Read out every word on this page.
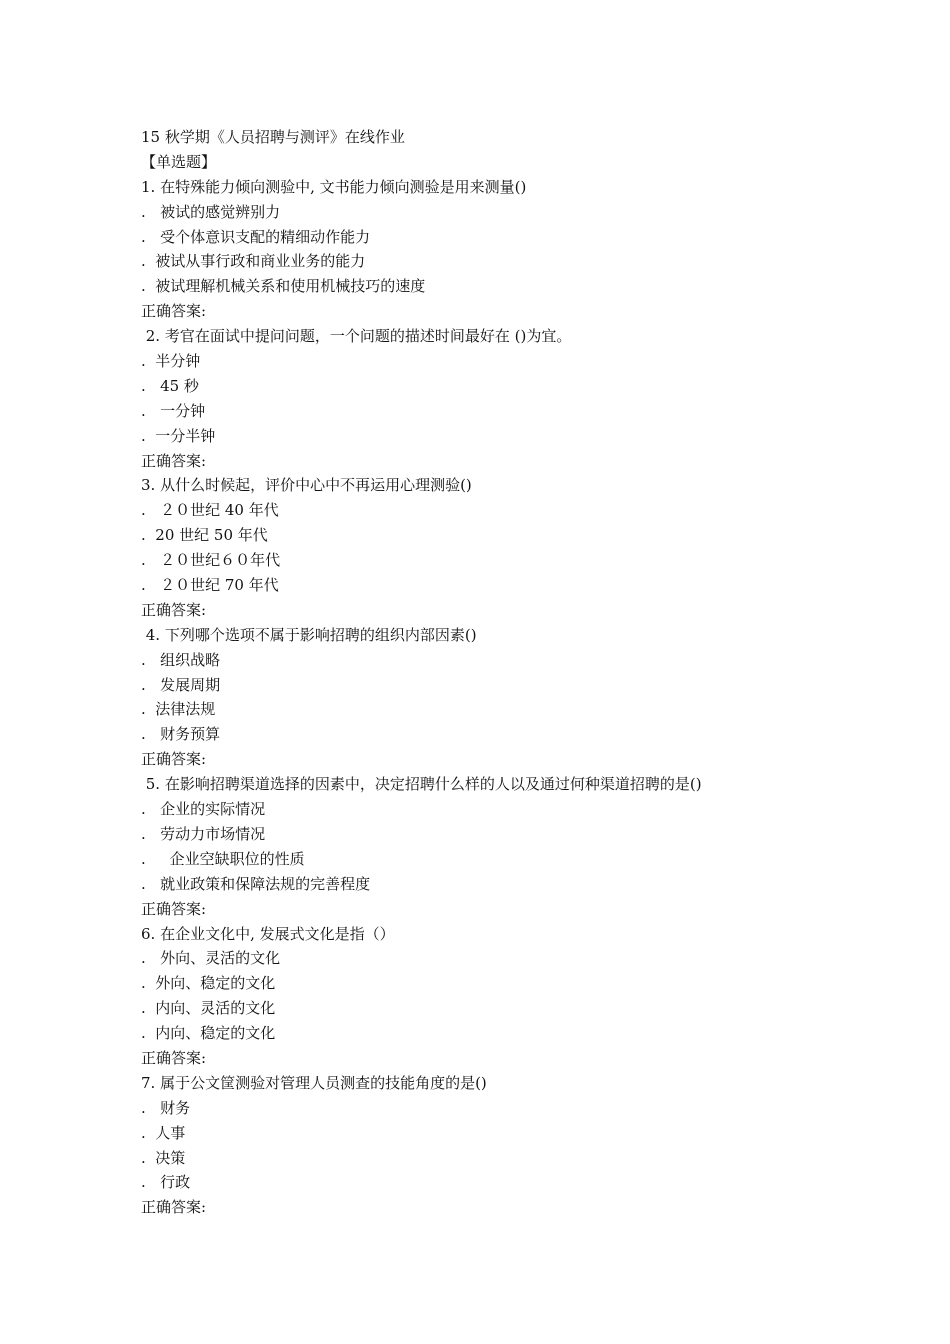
15 秋学期《人员招聘与测评》在线作业
【单选题】
1. 在特殊能力倾向测验中, 文书能力倾向测验是用来测量()
.   被试的感觉辨别力
.   受个体意识支配的精细动作能力
.  被试从事行政和商业业务的能力
.  被试理解机械关系和使用机械技巧的速度
正确答案:
2. 考官在面试中提问问题，一个问题的描述时间最好在 ()为宜。
.  半分钟
.   45 秒
.   一分钟
.  一分半钟
正确答案:
3. 从什么时候起，评价中心中不再运用心理测验()
.   ２０世纪 40 年代
.  20 世纪 50 年代
.   ２０世纪６０年代
.   ２０世纪 70 年代
正确答案:
4. 下列哪个选项不属于影响招聘的组织内部因素()
.   组织战略
.   发展周期
.  法律法规
.   财务预算
正确答案:
5. 在影响招聘渠道选择的因素中，决定招聘什么样的人以及通过何种渠道招聘的是()
.   企业的实际情况
.   劳动力市场情况
.     企业空缺职位的性质
.   就业政策和保障法规的完善程度
正确答案:
6. 在企业文化中, 发展式文化是指（）
.   外向、灵活的文化
.  外向、稳定的文化
.  内向、灵活的文化
.  内向、稳定的文化
正确答案:
7. 属于公文筐测验对管理人员测查的技能角度的是()
.   财务
.  人事
.  决策
.   行政
正确答案:
